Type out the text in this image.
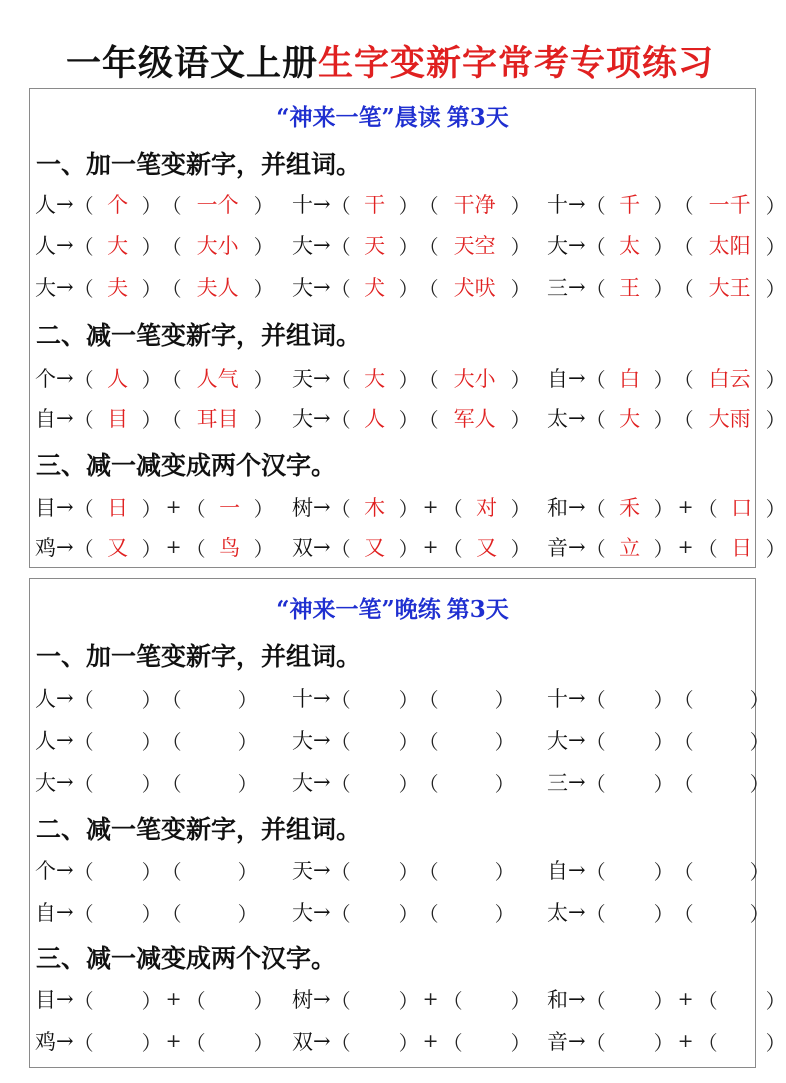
一年级语文上册生字变新字常考专项练习
“神来一笔”晨读 第3天
一、加一笔变新字，并组词。
人 → （ 个 ） （ 一个 ） 十 → （ 干 ） （ 干净 ） 十 → （ 千 ） （ 一千 ）
人 → （ 大 ） （ 大小 ） 大 → （ 天 ） （ 天空 ） 大 → （ 太 ） （ 太阳 ）
大 → （ 夫 ） （ 夫人 ） 大 → （ 犬 ） （ 犬吠 ） 三 → （ 王 ） （ 大王 ）
二、减一笔变新字，并组词。
个 → （ 人 ） （ 人气 ） 天 → （ 大 ） （ 大小 ） 自 → （ 白 ） （ 白云 ）
自 → （ 目 ） （ 耳目 ） 大 → （ 人 ） （ 军人 ） 太 → （ 大 ） （ 大雨 ）
三、减一减变成两个汉字。
目 → （ 日 ） + （ 一 ） 树 → （ 木 ） + （ 对 ） 和 → （ 禾 ） + （ 口 ）
鸡 → （ 又 ） + （ 鸟 ） 双 → （ 又 ） + （ 又 ） 音 → （ 立 ） + （ 日 ）
“神来一笔”晚练 第3天
一、加一笔变新字，并组词。
人 → （ ） （	） 十 → （ ） （	） 十 → （ ） （	）
人 → （ ） （	） 大 → （ ） （	） 大 → （ ） （	）
大 → （ ） （	） 大 → （ ） （	） 三 → （ ） （	）
二、减一笔变新字，并组词。
个 → （ ） （	） 天 → （ ） （	） 自 → （ ） （	）
自 → （ ） （	） 大 → （ ） （	） 太 → （ ） （	）
三、减一减变成两个汉字。
目 → （ ） + （ ） 树 → （ ） + （ ） 和 → （ ） + （ ）
鸡 → （ ） + （ ） 双 → （ ） + （ ） 音 → （ ） + （ ）
